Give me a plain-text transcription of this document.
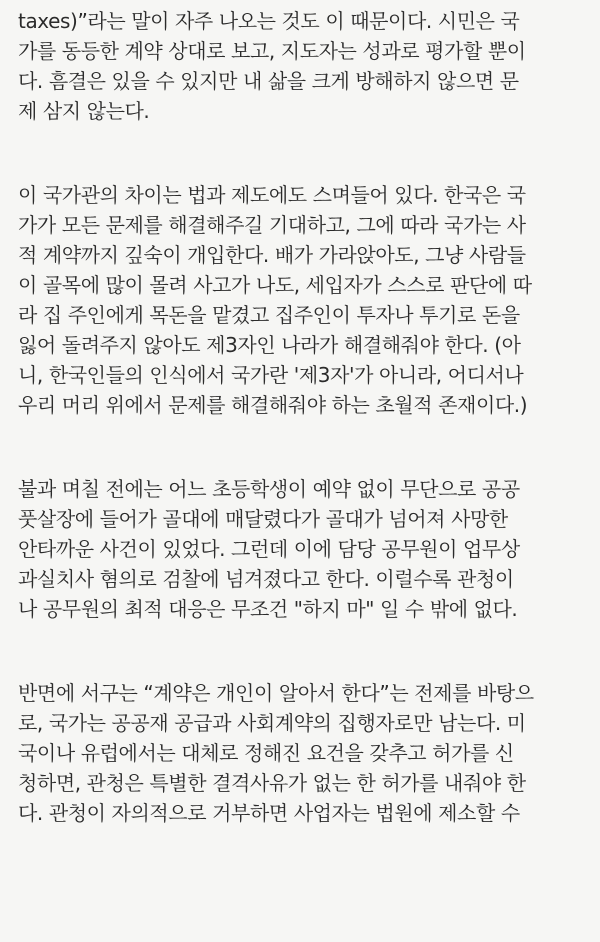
taxes)”라는 말이 자주 나오는 것도 이 때문이다. 시민은 국
가를 동등한 계약 상대로 보고, 지도자는 성과로 평가할 뿐이
다. 흠결은 있을 수 있지만 내 삶을 크게 방해하지 않으면 문
제 삼지 않는다.
이 국가관의 차이는 법과 제도에도 스며들어 있다. 한국은 국
가가 모든 문제를 해결해주길 기대하고, 그에 따라 국가는 사
적 계약까지 깊숙이 개입한다. 배가 가라앉아도, 그냥 사람들
이 골목에 많이 몰려 사고가 나도, 세입자가 스스로 판단에 따
라 집 주인에게 목돈을 맡겼고 집주인이 투자나 투기로 돈을
잃어 돌려주지 않아도 제3자인 나라가 해결해줘야 한다. (아
니, 한국인들의 인식에서 국가란 '제3자'가 아니라, 어디서나
우리 머리 위에서 문제를 해결해줘야 하는 초월적 존재이다.)
불과 며칠 전에는 어느 초등학생이 예약 없이 무단으로 공공
풋살장에 들어가 골대에 매달렸다가 골대가 넘어져 사망한
안타까운 사건이 있었다. 그런데 이에 담당 공무원이 업무상
과실치사 혐의로 검찰에 넘겨졌다고 한다. 이럴수록 관청이
나 공무원의 최적 대응은 무조건 "하지 마" 일 수 밖에 없다.
반면에 서구는 “계약은 개인이 알아서 한다”는 전제를 바탕으
로, 국가는 공공재 공급과 사회계약의 집행자로만 남는다. 미
국이나 유럽에서는 대체로 정해진 요건을 갖추고 허가를 신
청하면, 관청은 특별한 결격사유가 없는 한 허가를 내줘야 한
다. 관청이 자의적으로 거부하면 사업자는 법원에 제소할 수
